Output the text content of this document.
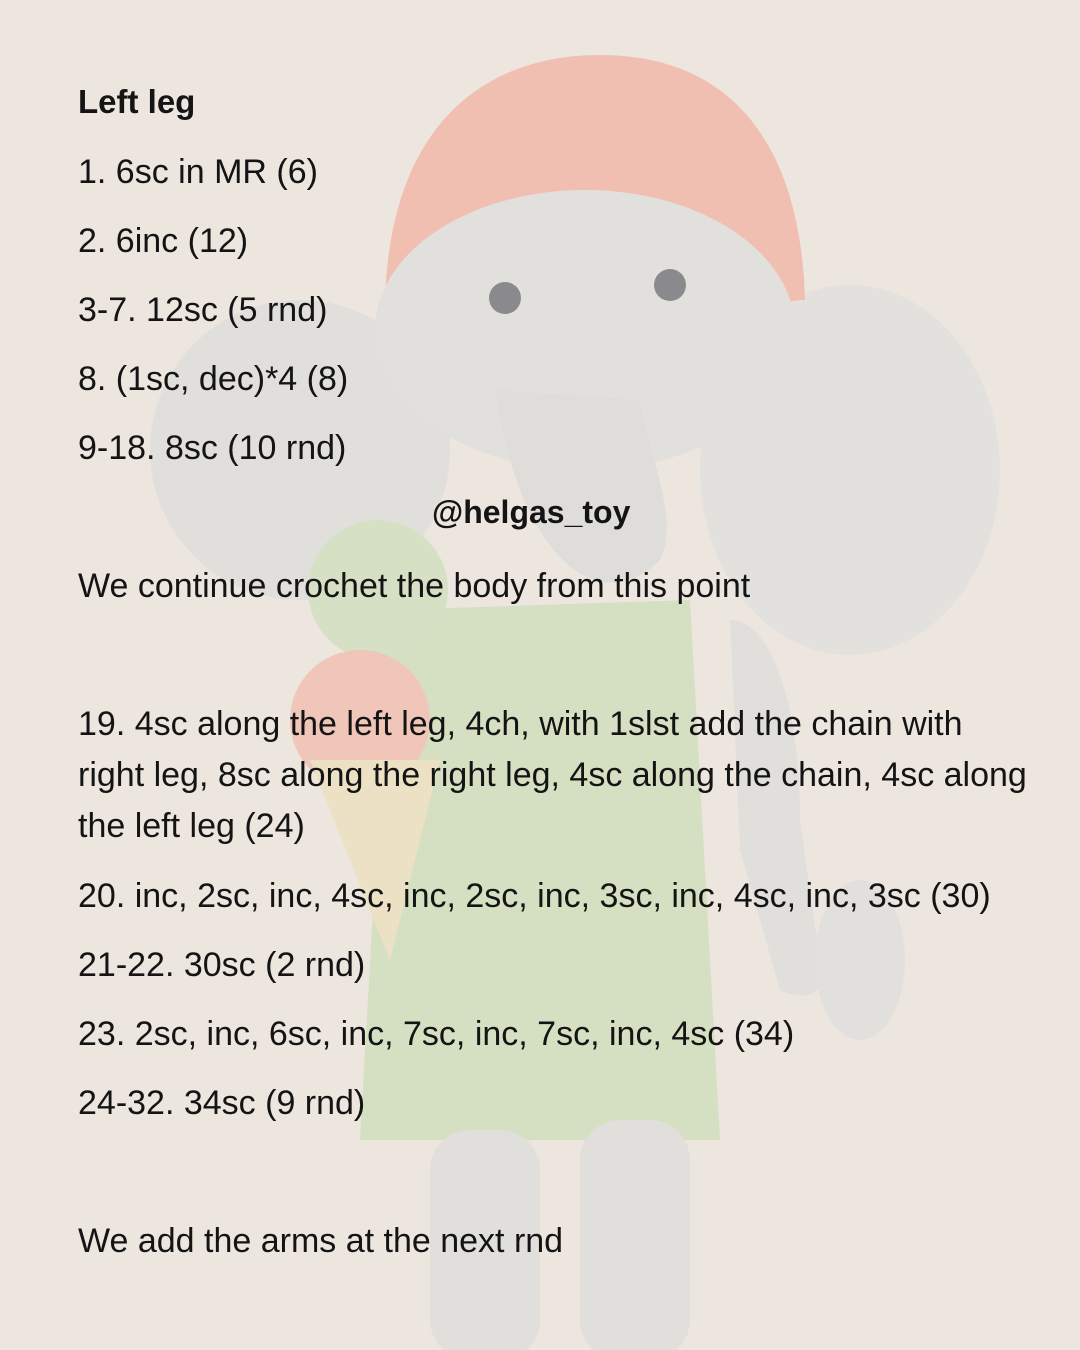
Left leg
1. 6sc in MR (6)
2. 6inc (12)
3-7. 12sc (5 rnd)
8. (1sc, dec)*4 (8)
9-18. 8sc (10 rnd)
@helgas_toy
We continue crochet the body from this point
19. 4sc along the left leg, 4ch, with 1slst add the chain with right leg, 8sc along the right leg, 4sc along the chain, 4sc along the left leg (24)
20. inc, 2sc, inc, 4sc, inc, 2sc, inc, 3sc, inc, 4sc, inc, 3sc (30)
21-22. 30sc (2 rnd)
23. 2sc, inc, 6sc, inc, 7sc, inc, 7sc, inc, 4sc (34)
24-32. 34sc (9 rnd)
We add the arms at the next rnd
